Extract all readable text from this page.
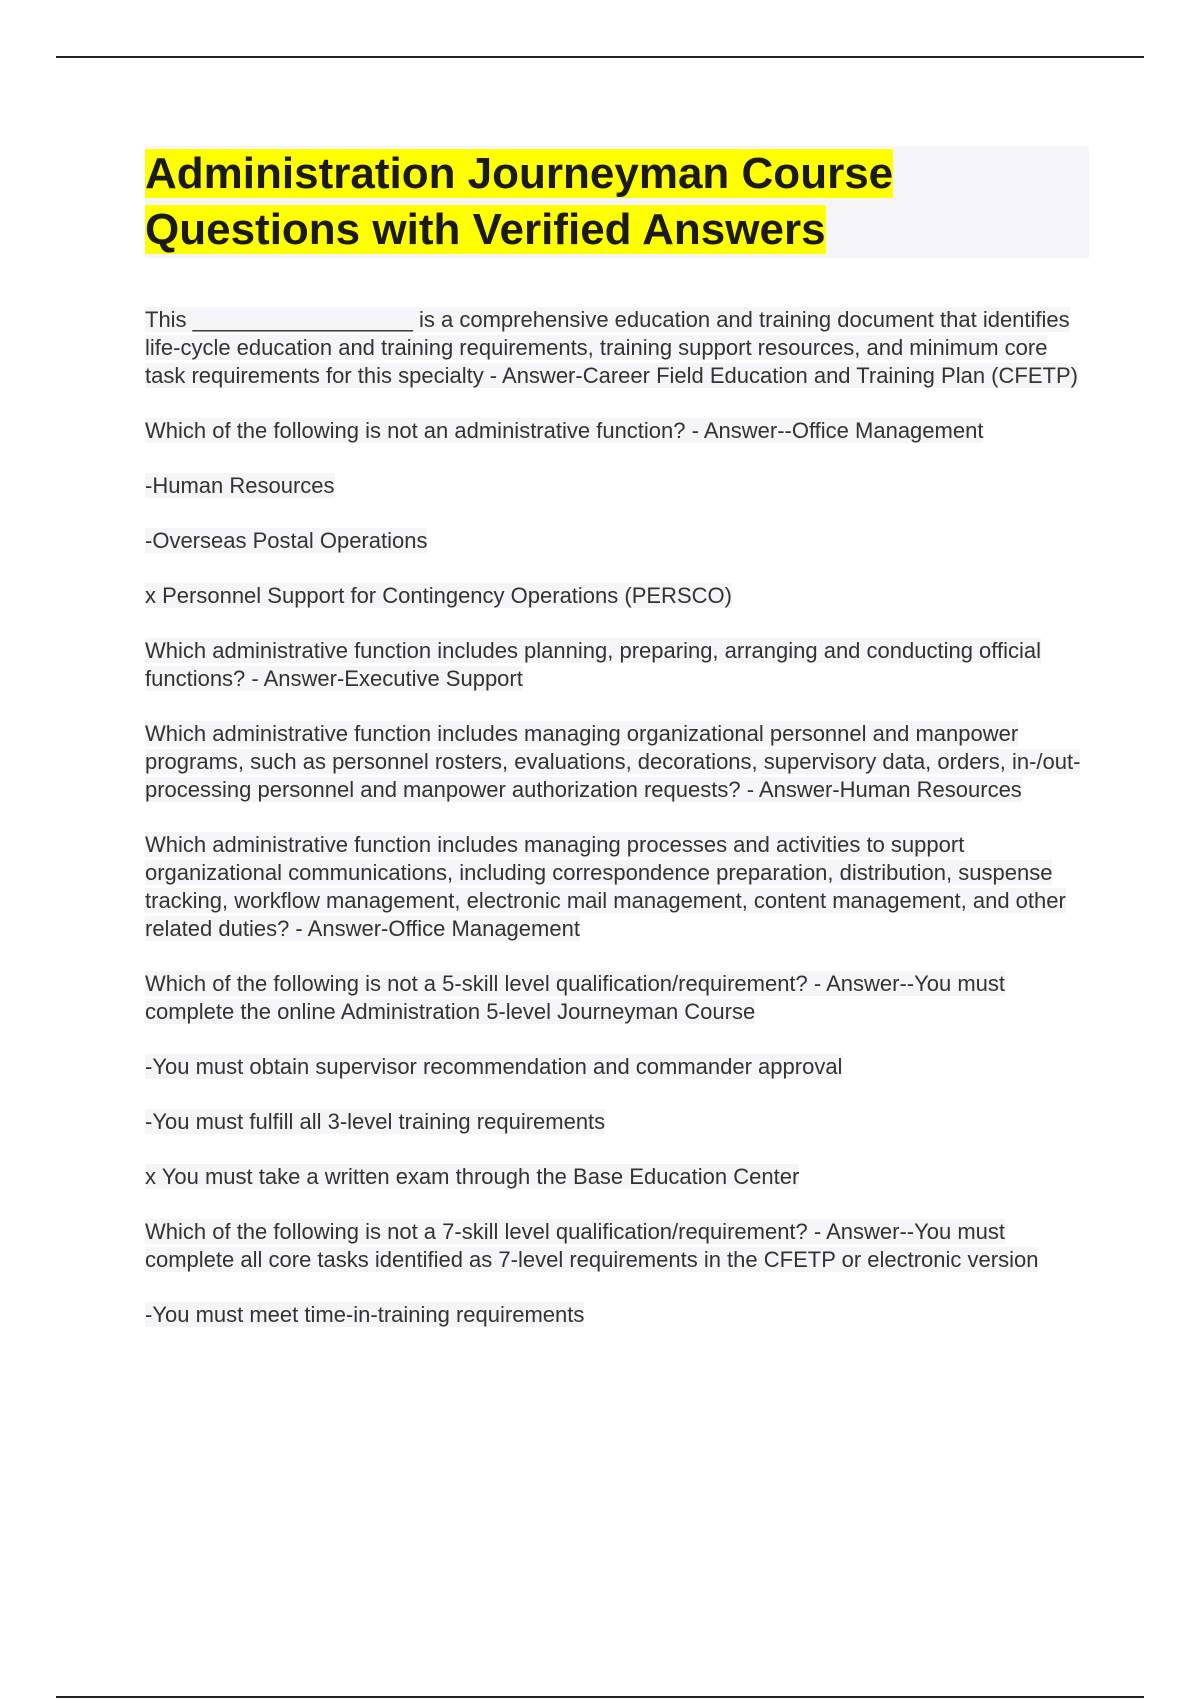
Administration Journeyman Course Questions with Verified Answers

This __________________ is a comprehensive education and training document that identifies life-cycle education and training requirements, training support resources, and minimum core task requirements for this specialty - Answer-Career Field Education and Training Plan (CFETP)

Which of the following is not an administrative function? - Answer--Office Management

-Human Resources

-Overseas Postal Operations

x Personnel Support for Contingency Operations (PERSCO)

Which administrative function includes planning, preparing, arranging and conducting official functions? - Answer-Executive Support

Which administrative function includes managing organizational personnel and manpower programs, such as personnel rosters, evaluations, decorations, supervisory data, orders, in-/out-processing personnel and manpower authorization requests? - Answer-Human Resources

Which administrative function includes managing processes and activities to support organizational communications, including correspondence preparation, distribution, suspense tracking, workflow management, electronic mail management, content management, and other related duties? - Answer-Office Management

Which of the following is not a 5-skill level qualification/requirement? - Answer--You must complete the online Administration 5-level Journeyman Course

-You must obtain supervisor recommendation and commander approval

-You must fulfill all 3-level training requirements

x You must take a written exam through the Base Education Center

Which of the following is not a 7-skill level qualification/requirement? - Answer--You must complete all core tasks identified as 7-level requirements in the CFETP or electronic version

-You must meet time-in-training requirements
